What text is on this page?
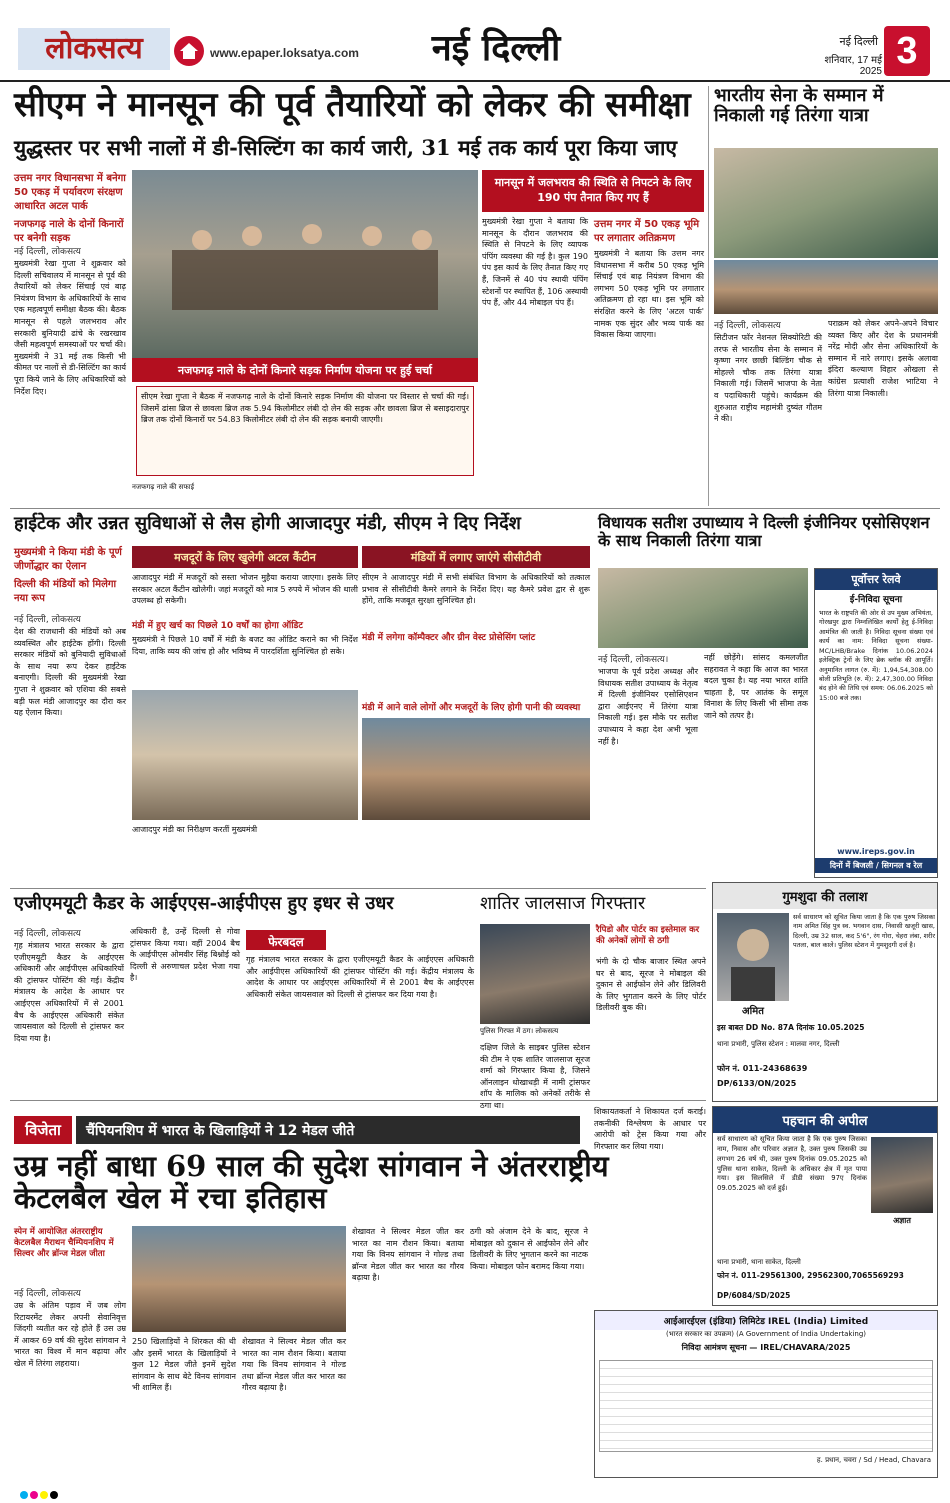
लोकसत्य	www.epaper.loksatya.com	नई दिल्ली	नई दिल्ली
शनिवार, 17 मई 2025 3
सीएम ने मानसून की पूर्व तैयारियों को लेकर की समीक्षा
युद्धस्तर पर सभी नालों में डी-सिल्टिंग का कार्य जारी, 31 मई तक कार्य पूरा किया जाए
उत्तम नगर विधानसभा में बनेगा 50 एकड़ में पर्यावरण संरक्षण आधारित अटल पार्क
नजफगढ़ नाले के दोनों किनारों पर बनेगी सड़क
नई दिल्ली, लोकसत्य
मुख्यमंत्री रेखा गुप्ता ने शुक्रवार को दिल्ली सचिवालय में मानसून से पूर्व की तैयारियों को लेकर सिंचाई एवं बाढ़ नियंत्रण विभाग के अधिकारियों के साथ एक महत्वपूर्ण समीक्षा बैठक की। बैठक मानसून से पहले जलभराव और सरकारी बुनियादी ढांचे के रखरखाव जैसी महत्वपूर्ण समस्याओं पर चर्चा की। मुख्यमंत्री ने 31 मई तक किसी भी कीमत पर नालों से डी-सिल्टिंग का कार्य पूरा किये जाने के लिए अधिकारियों को निर्देश दिए।
नजफगढ़ नाले के दोनों किनारे सड़क निर्माण योजना पर हुई चर्चा
सीएम रेखा गुप्ता ने बैठक में नजफगढ़ नाले के दोनों किनारे सड़क निर्माण की योजना पर विस्तार से चर्चा की गई। जिसमें ढांसा ब्रिज से छावला ब्रिज तक 5.94 किलोमीटर लंबी दो लेन की सड़क और छावला ब्रिज से बसाइदारापुर ब्रिज तक दोनों किनारों पर 54.83 किलोमीटर लंबी दो लेन की सड़क बनायी जाएगी।
नजफगढ़ नाले की सफाई
मानसून में जलभराव की स्थिति से निपटने के लिए 190 पंप तैनात किए गए हैं
मुख्यमंत्री रेखा गुप्ता ने बताया कि मानसून के दौरान जलभराव की स्थिति से निपटने के लिए व्यापक पंपिंग व्यवस्था की गई है। कुल 190 पंप इस कार्य के लिए तैनात किए गए हैं, जिनमें से 40 पंप स्थायी पंपिंग स्टेशनों पर स्थापित हैं, 106 अस्थायी पंप हैं, और 44 मोबाइल पंप हैं।
उत्तम नगर में 50 एकड़ भूमि पर लगातार अतिक्रमण
मुख्यमंत्री ने बताया कि उत्तम नगर विधानसभा में करीब 50 एकड़ भूमि सिंचाई एवं बाढ़ नियंत्रण विभाग की लगभग 50 एकड़ भूमि पर लगातार अतिक्रमण हो रहा था। इस भूमि को संरक्षित करने के लिए 'अटल पार्क' नामक एक सुंदर और भव्य पार्क का विकास किया जाएगा।
भारतीय सेना के सम्मान में निकाली गई तिरंगा यात्रा
नई दिल्ली, लोकसत्य
सिटीजन फॉर नेशनल सिक्योरिटी की तरफ से भारतीय सेना के सम्मान में कृष्णा नगर छाछी बिल्डिंग चौक से मोहल्ले चौक तक तिरंगा यात्रा निकाली गई। जिसमें भाजपा के नेता व पदाधिकारी पहुंचे। कार्यक्रम की शुरुआत राष्ट्रीय महामंत्री दुष्यंत गौतम ने की।
पराक्रम को लेकर अपने-अपने विचार व्यक्त किए और देश के प्रधानमंत्री नरेंद्र मोदी और सेना अधिकारियों के सम्मान में नारे लगाए। इसके अलावा इंदिरा कल्याण विहार ओखला से कांग्रेस प्रत्याशी राजेश भाटिया ने तिरंगा यात्रा निकाली।
हाईटेक और उन्नत सुविधाओं से लैस होगी आजादपुर मंडी, सीएम ने दिए निर्देश
मुख्यमंत्री ने किया मंडी के पूर्ण जीर्णोद्धार का ऐलान
दिल्ली की मंडियों को मिलेगा नया रूप
नई दिल्ली, लोकसत्य
देश की राजधानी की मंडियों को अब व्यवस्थित और हाईटेक होंगी। दिल्ली सरकार मंडियों को बुनियादी सुविधाओं के साथ नया रूप देकर हाईटेक बनाएगी। दिल्ली की मुख्यमंत्री रेखा गुप्ता ने शुक्रवार को एशिया की सबसे बड़ी फल मंडी आजादपुर का दौरा कर यह ऐलान किया।
मजदूरों के लिए खुलेगी अटल कैंटीन
आजादपुर मंडी में मजदूरों को सस्ता भोजन मुहैया कराया जाएगा। इसके लिए सरकार अटल कैंटीन खोलेगी। जहां मजदूरों को मात्र 5 रुपये में भोजन की थाली उपलब्ध हो सकेगी।
मंडी में हुए खर्च का पिछले 10 वर्षों का होगा ऑडिट
मुख्यमंत्री ने पिछले 10 वर्षों में मंडी के बजट का ऑडिट कराने का भी निर्देश दिया, ताकि व्यय की जांच हो और भविष्य में पारदर्शिता सुनिश्चित हो सके।
मंडियों में लगाए जाएंगे सीसीटीवी
सीएम ने आजादपुर मंडी में सभी संबंधित विभाग के अधिकारियों को तत्काल प्रभाव से सीसीटीवी कैमरे लगाने के निर्देश दिए। यह कैमरे प्रवेश द्वार से शुरू होंगे, ताकि मजबूत सुरक्षा सुनिश्चित हो।
मंडी में लगेगा कॉम्पैक्टर और ग्रीन वेस्ट प्रोसेसिंग प्लांट
मंडी में आने वाले लोगों और मजदूरों के लिए होगी पानी की व्यवस्था
आजादपुर मंडी का निरीक्षण करतीं मुख्यमंत्री
विधायक सतीश उपाध्याय ने दिल्ली इंजीनियर एसोसिएशन के साथ निकाली तिरंगा यात्रा
नई दिल्ली, लोकसत्य।
भाजपा के पूर्व प्रदेश अध्यक्ष और विधायक सतीश उपाध्याय के नेतृत्व में दिल्ली इंजीनियर एसोसिएशन द्वारा आईएनए में तिरंगा यात्रा निकाली गई। इस मौके पर सतीश उपाध्याय ने कहा देश अभी भूला नहीं है।
नहीं छोड़ेंगे। सांसद कमलजीत सहरावत ने कहा कि आज का भारत बदल चुका है। यह नया भारत शांति चाहता है, पर आतंक के समूल विनाश के लिए किसी भी सीमा तक जाने को तत्पर है।
पूर्वोत्तर रेलवे
ई-निविदा सूचना
भारत के राष्ट्रपति की ओर से उप मुख्य अभियंता, गोरखपुर द्वारा निम्नलिखित कार्यों हेतु ई-निविदा आमंत्रित की जाती है। निविदा सूचना संख्या एवं कार्य का नाम: निविदा सूचना संख्या-MC/LHB/Brake दिनांक 10.06.2024 इलेक्ट्रिक ट्रेनों के लिए ब्रेक ब्लॉक की आपूर्ति। अनुमानित लागत (रु. में): 1,94,54,308.00 बोली प्रतिभूति (रु. में): 2,47,300.00 निविदा बंद होने की तिथि एवं समय: 06.06.2025 को 15:00 बजे तक।
www.ireps.gov.in
दिनों में बिजली / सिगनल व रेल
एजीएमयूटी कैडर के आईएएस-आईपीएस हुए इधर से उधर
नई दिल्ली, लोकसत्य
गृह मंत्रालय भारत सरकार के द्वारा एजीएमयूटी कैडर के आईएएस अधिकारी और आईपीएस अधिकारियों की ट्रांसफर पोस्टिंग की गई। केंद्रीय मंत्रालय के आदेश के आधार पर आईएएस अधिकारियों में से 2001 बैच के आईएएस अधिकारी संकेत जायसवाल को दिल्ली से ट्रांसफर कर दिया गया है।
अधिकारी है, उन्हें दिल्ली से गोवा ट्रांसफर किया गया। वहीं 2004 बैच के आईपीएस ओमवीर सिंह बिश्नोई को दिल्ली से अरुणाचल प्रदेश भेजा गया है।
फेरबदल
गृह मंत्रालय भारत सरकार के द्वारा एजीएमयूटी कैडर के आईएएस अधिकारी और आईपीएस अधिकारियों की ट्रांसफर पोस्टिंग की गई। केंद्रीय मंत्रालय के आदेश के आधार पर आईएएस अधिकारियों में से 2001 बैच के आईएएस अधिकारी संकेत जायसवाल को दिल्ली से ट्रांसफर कर दिया गया है।
शातिर जालसाज गिरफ्तार
पुलिस गिरफ्त में ठग। लोकसत्य
रैपिडो और पोर्टर का इस्तेमाल कर की अनेकों लोगों से ठगी
भंगी के दो चौक बाजार स्थित अपने घर से बाद, सूरज ने मोबाइल की दुकान से आईफोन लेने और डिलिवरी के लिए भुगतान करने के लिए पोर्टर डिलीवरी बुक की।
दक्षिण जिले के साइबर पुलिस स्टेशन की टीम ने एक शातिर जालसाज सूरज शर्मा को गिरफ्तार किया है, जिसने ऑनलाइन धोखाधड़ी में नामी ट्रांसफर शॉप के मालिक को अनेकों तरीके से ठगा था।
गुमशुदा की तलाश
अमित
सर्व साधारण को सूचित किया जाता है कि एक पुरुष जिसका नाम अमित सिंह पुत्र स्व. भगवान दास, निवासी खजूरी खास, दिल्ली, उम्र 32 साल, कद 5'6", रंग गोरा, चेहरा लंबा, शरीर पतला, बाल काले। पुलिस स्टेशन में गुमशुदगी दर्ज है।
इस बाबत DD No. 87A दिनांक 10.05.2025
थाना प्रभारी, पुलिस स्टेशन : मालवा नगर, दिल्ली
फोन नं. 011-24368639
DP/6133/ON/2025
पहचान की अपील
सर्व साधारण को सूचित किया जाता है कि एक पुरुष जिसका नाम, निवास और परिवार अज्ञात है, उक्त पुरुष जिसकी उम्र लगभग 26 वर्ष थी, उक्त पुरुष दिनांक 09.05.2025 को पुलिस थाना साकेत, दिल्ली के अधिकार क्षेत्र में मृत पाया गया। इस सिलसिले में डीडी संख्या 97ए दिनांक 09.05.2025 को दर्ज हुई।
अज्ञात
थाना प्रभारी, थाना साकेत, दिल्ली
फोन नं. 011-29561300, 29562300,7065569293
DP/6084/SD/2025
आईआरईएल (इंडिया) लिमिटेड IREL (India) Limited
(भारत सरकार का उपक्रम) (A Government of India Undertaking)
निविदा आमंत्रण सूचना — IREL/CHAVARA/2025
ह. प्रधान, चवरा / Sd / Head, Chavara
विजेता	चैंपियनशिप में भारत के खिलाड़ियों ने 12 मेडल जीते
उम्र नहीं बाधा 69 साल की सुदेश सांगवान ने अंतरराष्ट्रीय केटलबैल खेल में रचा इतिहास
स्पेन में आयोजित अंतरराष्ट्रीय केटलबैल मैराथन चैम्पियनशिप में सिल्वर और ब्रॉन्ज मेडल जीता
नई दिल्ली, लोकसत्य
उम्र के अंतिम पड़ाव में जब लोग रिटायरमेंट लेकर अपनी सेवानिवृत्त जिंदगी व्यतीत कर रहे होते हैं उस उम्र में आकर 69 वर्ष की सुदेश सांगवान ने भारत का विश्व में मान बढ़ाया और खेल में तिरंगा लहराया।
250 खिलाड़ियों ने शिरकत की थी और इसमें भारत के खिलाड़ियों ने कुल 12 मेडल जीते इनमें सुदेश सांगवान के साथ बेटे विनय सांगवान भी शामिल हैं।
शेखावत ने सिल्वर मेडल जीत कर भारत का नाम रौशन किया। बताया गया कि विनय सांगवान ने गोल्ड तथा ब्रॉन्ज मेडल जीत कर भारत का गौरव बढ़ाया है।
शेखावत ने सिल्वर मेडल जीत कर भारत का नाम रौशन किया। बताया गया कि विनय सांगवान ने गोल्ड तथा ब्रॉन्ज मेडल जीत कर भारत का गौरव बढ़ाया है।
ठगी को अंजाम देने के बाद, सूरज ने मोबाइल को दुकान से आईफोन लेने और डिलीवरी के लिए भुगतान करने का नाटक किया। मोबाइल फोन बरामद किया गया।
शिकायतकर्ता ने शिकायत दर्ज कराई। तकनीकी विश्लेषण के आधार पर आरोपी को ट्रेस किया गया और गिरफ्तार कर लिया गया।
